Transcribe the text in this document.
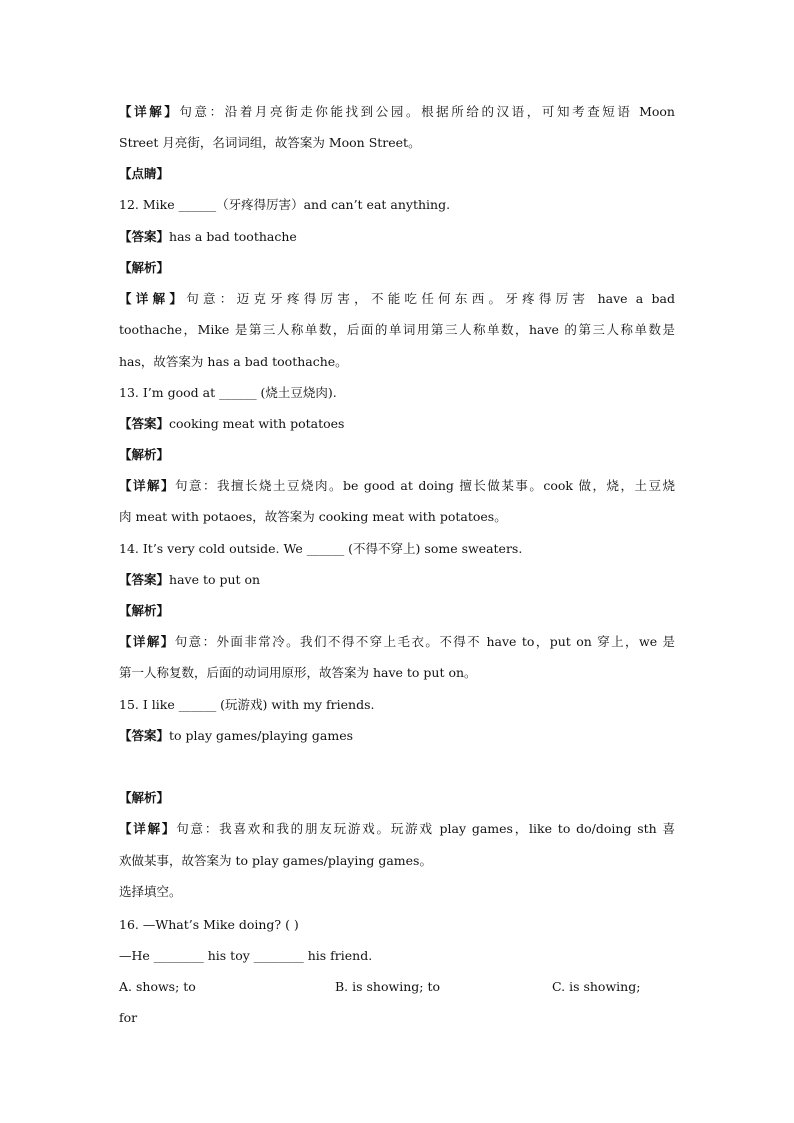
【详解】句意：沿着月亮街走你能找到公园。根据所给的汉语，可知考查短语 Moon
Street 月亮街，名词词组，故答案为 Moon Street。
【点睛】
12. Mike ______（牙疼得厉害）and can’t eat anything.
【答案】has a bad toothache
【解析】
【详解】句意：迈克牙疼得厉害，不能吃任何东西。牙疼得厉害 have a bad
toothache，Mike 是第三人称单数，后面的单词用第三人称单数，have 的第三人称单数是
has，故答案为 has a bad toothache。
13. I’m good at ______ (烧土豆烧肉).
【答案】cooking meat with potatoes
【解析】
【详解】句意：我擅长烧土豆烧肉。be good at doing 擅长做某事。cook 做，烧，土豆烧
肉 meat with potaoes，故答案为 cooking meat with potatoes。
14. It’s very cold outside. We ______ (不得不穿上) some sweaters.
【答案】have to put on
【解析】
【详解】句意：外面非常冷。我们不得不穿上毛衣。不得不 have to，put on 穿上，we 是
第一人称复数，后面的动词用原形，故答案为 have to put on。
15. I like ______ (玩游戏) with my friends.
【答案】to play games/playing games
【解析】
【详解】句意：我喜欢和我的朋友玩游戏。玩游戏 play games，like to do/doing sth 喜
欢做某事，故答案为 to play games/playing games。
选择填空。
16. —What’s Mike doing? ( )
—He ________ his toy ________ his friend.
A. shows; to	B. is showing; to	C. is showing;
for
